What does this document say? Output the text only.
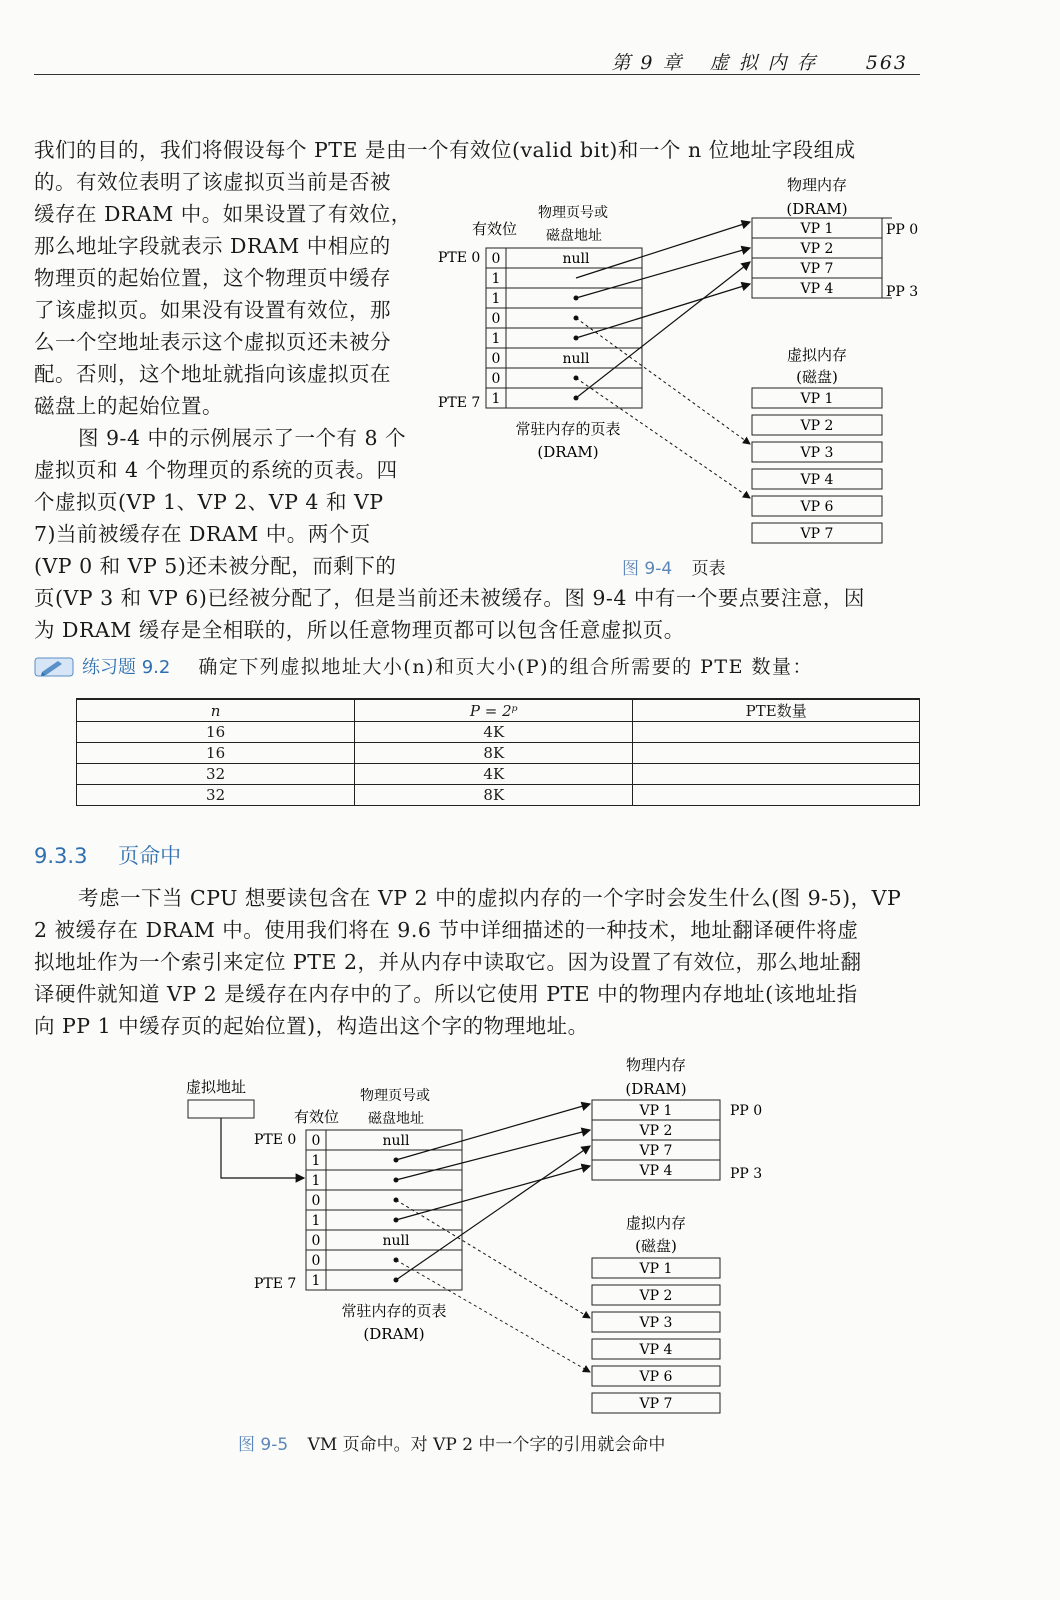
第 9 章 虚 拟 内 存	563
我们的目的，我们将假设每个 PTE 是由一个有效位(valid bit)和一个 n 位地址字段组成
的。有效位表明了该虚拟页当前是否被
缓存在 DRAM 中。如果设置了有效位，
那么地址字段就表示 DRAM 中相应的
物理页的起始位置，这个物理页中缓存
了该虚拟页。如果没有设置有效位，那
么一个空地址表示这个虚拟页还未被分
配。否则，这个地址就指向该虚拟页在
磁盘上的起始位置。
图 9-4 中的示例展示了一个有 8 个
虚拟页和 4 个物理页的系统的页表。四
个虚拟页(VP 1、VP 2、VP 4 和 VP
7)当前被缓存在 DRAM 中。两个页
(VP 0 和 VP 5)还未被分配，而剩下的
页(VP 3 和 VP 6)已经被分配了，但是当前还未被缓存。图 9-4 中有一个要点要注意，因
为 DRAM 缓存是全相联的，所以任意物理页都可以包含任意虚拟页。
有效位
物理页号或
磁盘地址
PTE 0
PTE 7
0
1
1
0
1
0
0
1
null
null
常驻内存的页表
(DRAM)
物理内存
(DRAM)
VP 1
VP 2
VP 7
VP 4
PP 0
PP 3
虚拟内存
(磁盘)
VP 1
VP 2
VP 3
VP 4
VP 6
VP 7
图 9-4 页表
练习题 9.2 确定下列虚拟地址大小(n)和页大小(P)的组合所需要的 PTE 数量：
n	P = 2ᵖ	PTE数量
16	4K	
16	8K	
32	4K	
32	8K	
9.3.3 页命中
考虑一下当 CPU 想要读包含在 VP 2 中的虚拟内存的一个字时会发生什么(图 9-5)，VP
2 被缓存在 DRAM 中。使用我们将在 9.6 节中详细描述的一种技术，地址翻译硬件将虚
拟地址作为一个索引来定位 PTE 2，并从内存中读取它。因为设置了有效位，那么地址翻
译硬件就知道 VP 2 是缓存在内存中的了。所以它使用 PTE 中的物理内存地址(该地址指
向 PP 1 中缓存页的起始位置)，构造出这个字的物理地址。
虚拟地址
有效位
物理页号或
磁盘地址
PTE 0
PTE 7
0
1
1
0
1
0
0
1
null
null
常驻内存的页表
(DRAM)
物理内存
(DRAM)
VP 1
VP 2
VP 7
VP 4
PP 0
PP 3
虚拟内存
(磁盘)
VP 1
VP 2
VP 3
VP 4
VP 6
VP 7
图 9-5 VM 页命中。对 VP 2 中一个字的引用就会命中
